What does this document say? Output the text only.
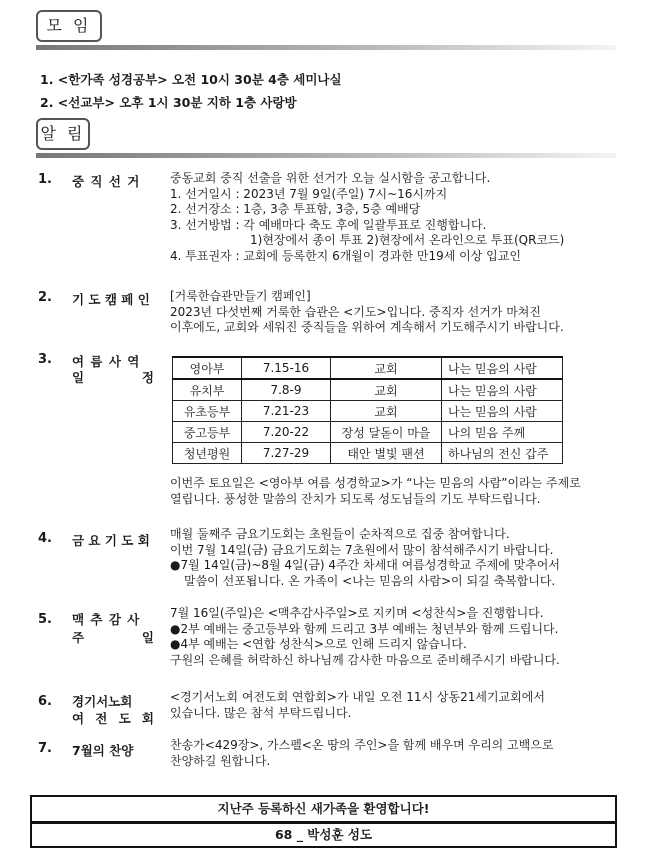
모 임
1. <한가족 성경공부> 오전 10시 30분 4층 세미나실
2. <선교부> 오후 1시 30분 지하 1층 사랑방
알 림
1. 중 직 선 거	중동교회 중직 선출을 위한 선거가 오늘 실시함을 공고합니다.
1. 선거일시 : 2023년 7월 9일(주일) 7시~16시까지
2. 선거장소 : 1층, 3층 투표함, 3층, 5층 예배당
3. 선거방법 : 각 예배마다 축도 후에 일괄투표로 진행합니다.
1)현장에서 종이 투표 2)현장에서 온라인으로 투표(QR코드)
4. 투표권자 : 교회에 등록한지 6개월이 경과한 만19세 이상 입교인
2. 기 도 캠 페 인 [거룩한습관만들기 캠페인]
2023년 다섯번째 거룩한 습관은 <기도>입니다. 중직자 선거가 마쳐진
이후에도, 교회와 세워진 중직들을 위하여 계속해서 기도해주시기 바랍니다.
3. 여 름 사 역
일 정
영아부	7.15-16	교회	나는 믿음의 사람
유치부	7.8-9	교회	나는 믿음의 사람
유초등부	7.21-23	교회	나는 믿음의 사람
중고등부	7.20-22	장성 달돋이 마을	나의 믿음 주께
청년평원	7.27-29	태안 별빛 팬션	하나님의 전신 갑주
이번주 토요일은 <영아부 여름 성경학교>가 “나는 믿음의 사람”이라는 주제로
열립니다. 풍성한 말씀의 잔치가 되도록 성도님들의 기도 부탁드립니다.
4. 금 요 기 도 회 매월 둘째주 금요기도회는 초원들이 순차적으로 집중 참여합니다.
이번 7월 14일(금) 금요기도회는 7초원에서 많이 참석해주시기 바랍니다.
●7월 14일(금)~8월 4일(금) 4주간 차세대 여름성경학교 주제에 맞추어서
말씀이 선포됩니다. 온 가족이 <나는 믿음의 사람>이 되길 축복합니다.
5. 맥 추 감 사
주 일
7월 16일(주일)은 <맥추감사주일>로 지키며 <성찬식>을 진행합니다.
●2부 예배는 중고등부와 함께 드리고 3부 예배는 청년부와 함께 드립니다.
●4부 예배는 <연합 성찬식>으로 인해 드리지 않습니다.
구원의 은혜를 허락하신 하나님께 감사한 마음으로 준비해주시기 바랍니다.
6. 경기서노회
여 전 도 회
<경기서노회 여전도회 연합회>가 내일 오전 11시 상동21세기교회에서
있습니다. 많은 참석 부탁드립니다.
7. 7월의 찬양	찬송가<429장>, 가스펠<온 땅의 주인>을 함께 배우며 우리의 고백으로
찬양하길 원합니다.
지난주 등록하신 새가족을 환영합니다!
68 _ 박성훈 성도
